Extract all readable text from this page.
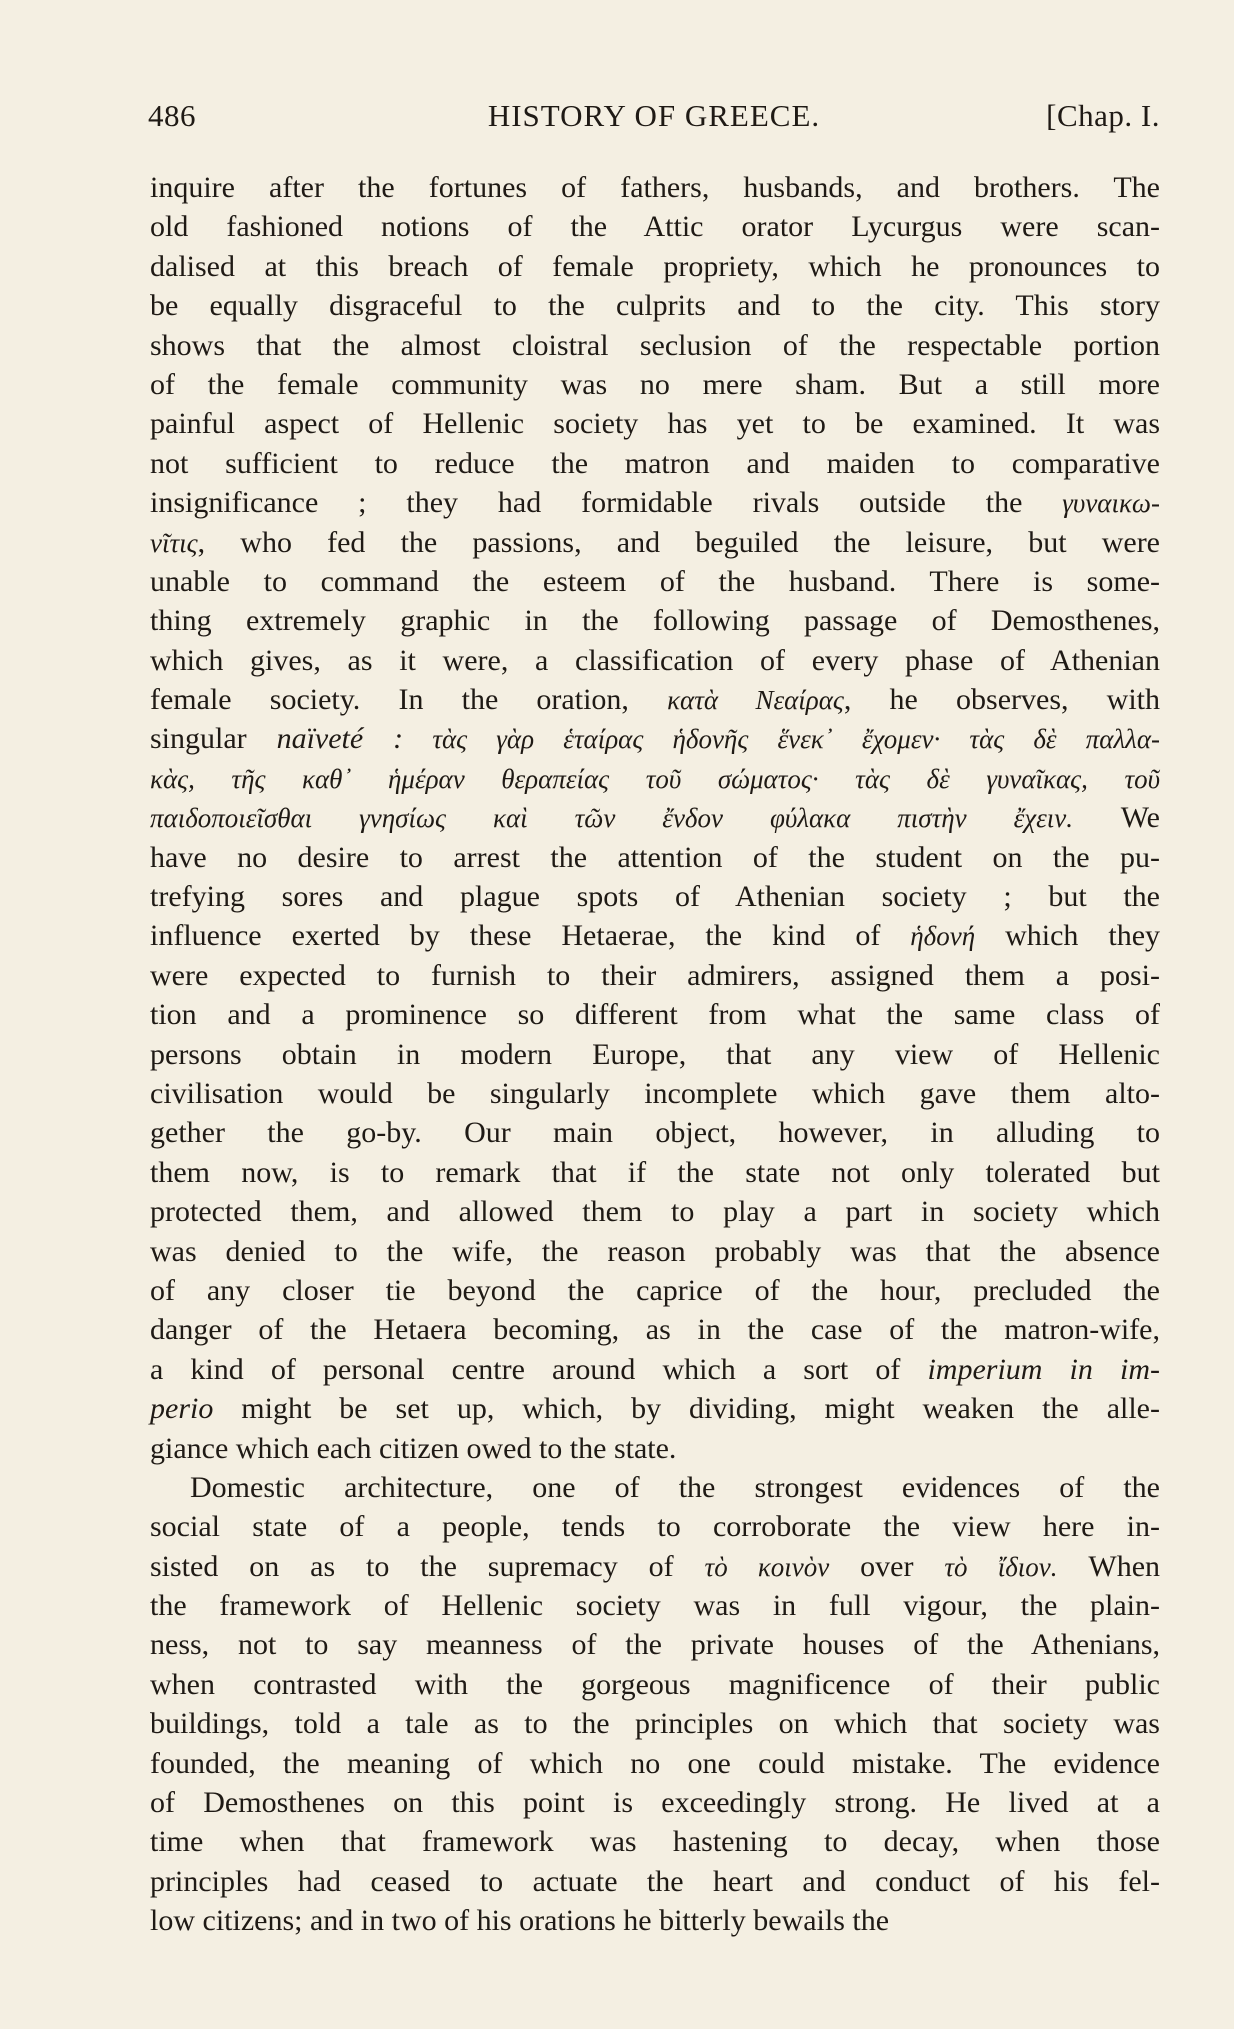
486	HISTORY OF GREECE.	[Chap. I.
inquire after the fortunes of fathers, husbands, and brothers. The
old fashioned notions of the Attic orator Lycurgus were scan-
dalised at this breach of female propriety, which he pronounces to
be equally disgraceful to the culprits and to the city. This story
shows that the almost cloistral seclusion of the respectable portion
of the female community was no mere sham. But a still more
painful aspect of Hellenic society has yet to be examined. It was
not sufficient to reduce the matron and maiden to comparative
insignificance ; they had formidable rivals outside the γυναικω-
νῖτις, who fed the passions, and beguiled the leisure, but were
unable to command the esteem of the husband. There is some-
thing extremely graphic in the following passage of Demosthenes,
which gives, as it were, a classification of every phase of Athenian
female society. In the oration, κατὰ Νεαίρας, he observes, with
singular naïveté : τὰς γὰρ ἑταίρας ἡδονῆς ἕνεκ᾽ ἔχομεν· τὰς δὲ παλλα-
κὰς, τῆς καθ᾽ ἡμέραν θεραπείας τοῦ σώματος· τὰς δὲ γυναῖκας, τοῦ
παιδοποιεῖσθαι γνησίως καὶ τῶν ἔνδον φύλακα πιστὴν ἔχειν. We
have no desire to arrest the attention of the student on the pu-
trefying sores and plague spots of Athenian society ; but the
influence exerted by these Hetaerae, the kind of ἡδονή which they
were expected to furnish to their admirers, assigned them a posi-
tion and a prominence so different from what the same class of
persons obtain in modern Europe, that any view of Hellenic
civilisation would be singularly incomplete which gave them alto-
gether the go-by. Our main object, however, in alluding to
them now, is to remark that if the state not only tolerated but
protected them, and allowed them to play a part in society which
was denied to the wife, the reason probably was that the absence
of any closer tie beyond the caprice of the hour, precluded the
danger of the Hetaera becoming, as in the case of the matron-wife,
a kind of personal centre around which a sort of imperium in im-
perio might be set up, which, by dividing, might weaken the alle-
giance which each citizen owed to the state.
Domestic architecture, one of the strongest evidences of the
social state of a people, tends to corroborate the view here in-
sisted on as to the supremacy of τὸ κοινὸν over τὸ ἴδιον. When
the framework of Hellenic society was in full vigour, the plain-
ness, not to say meanness of the private houses of the Athenians,
when contrasted with the gorgeous magnificence of their public
buildings, told a tale as to the principles on which that society was
founded, the meaning of which no one could mistake. The evidence
of Demosthenes on this point is exceedingly strong. He lived at a
time when that framework was hastening to decay, when those
principles had ceased to actuate the heart and conduct of his fel-
low citizens; and in two of his orations he bitterly bewails the
